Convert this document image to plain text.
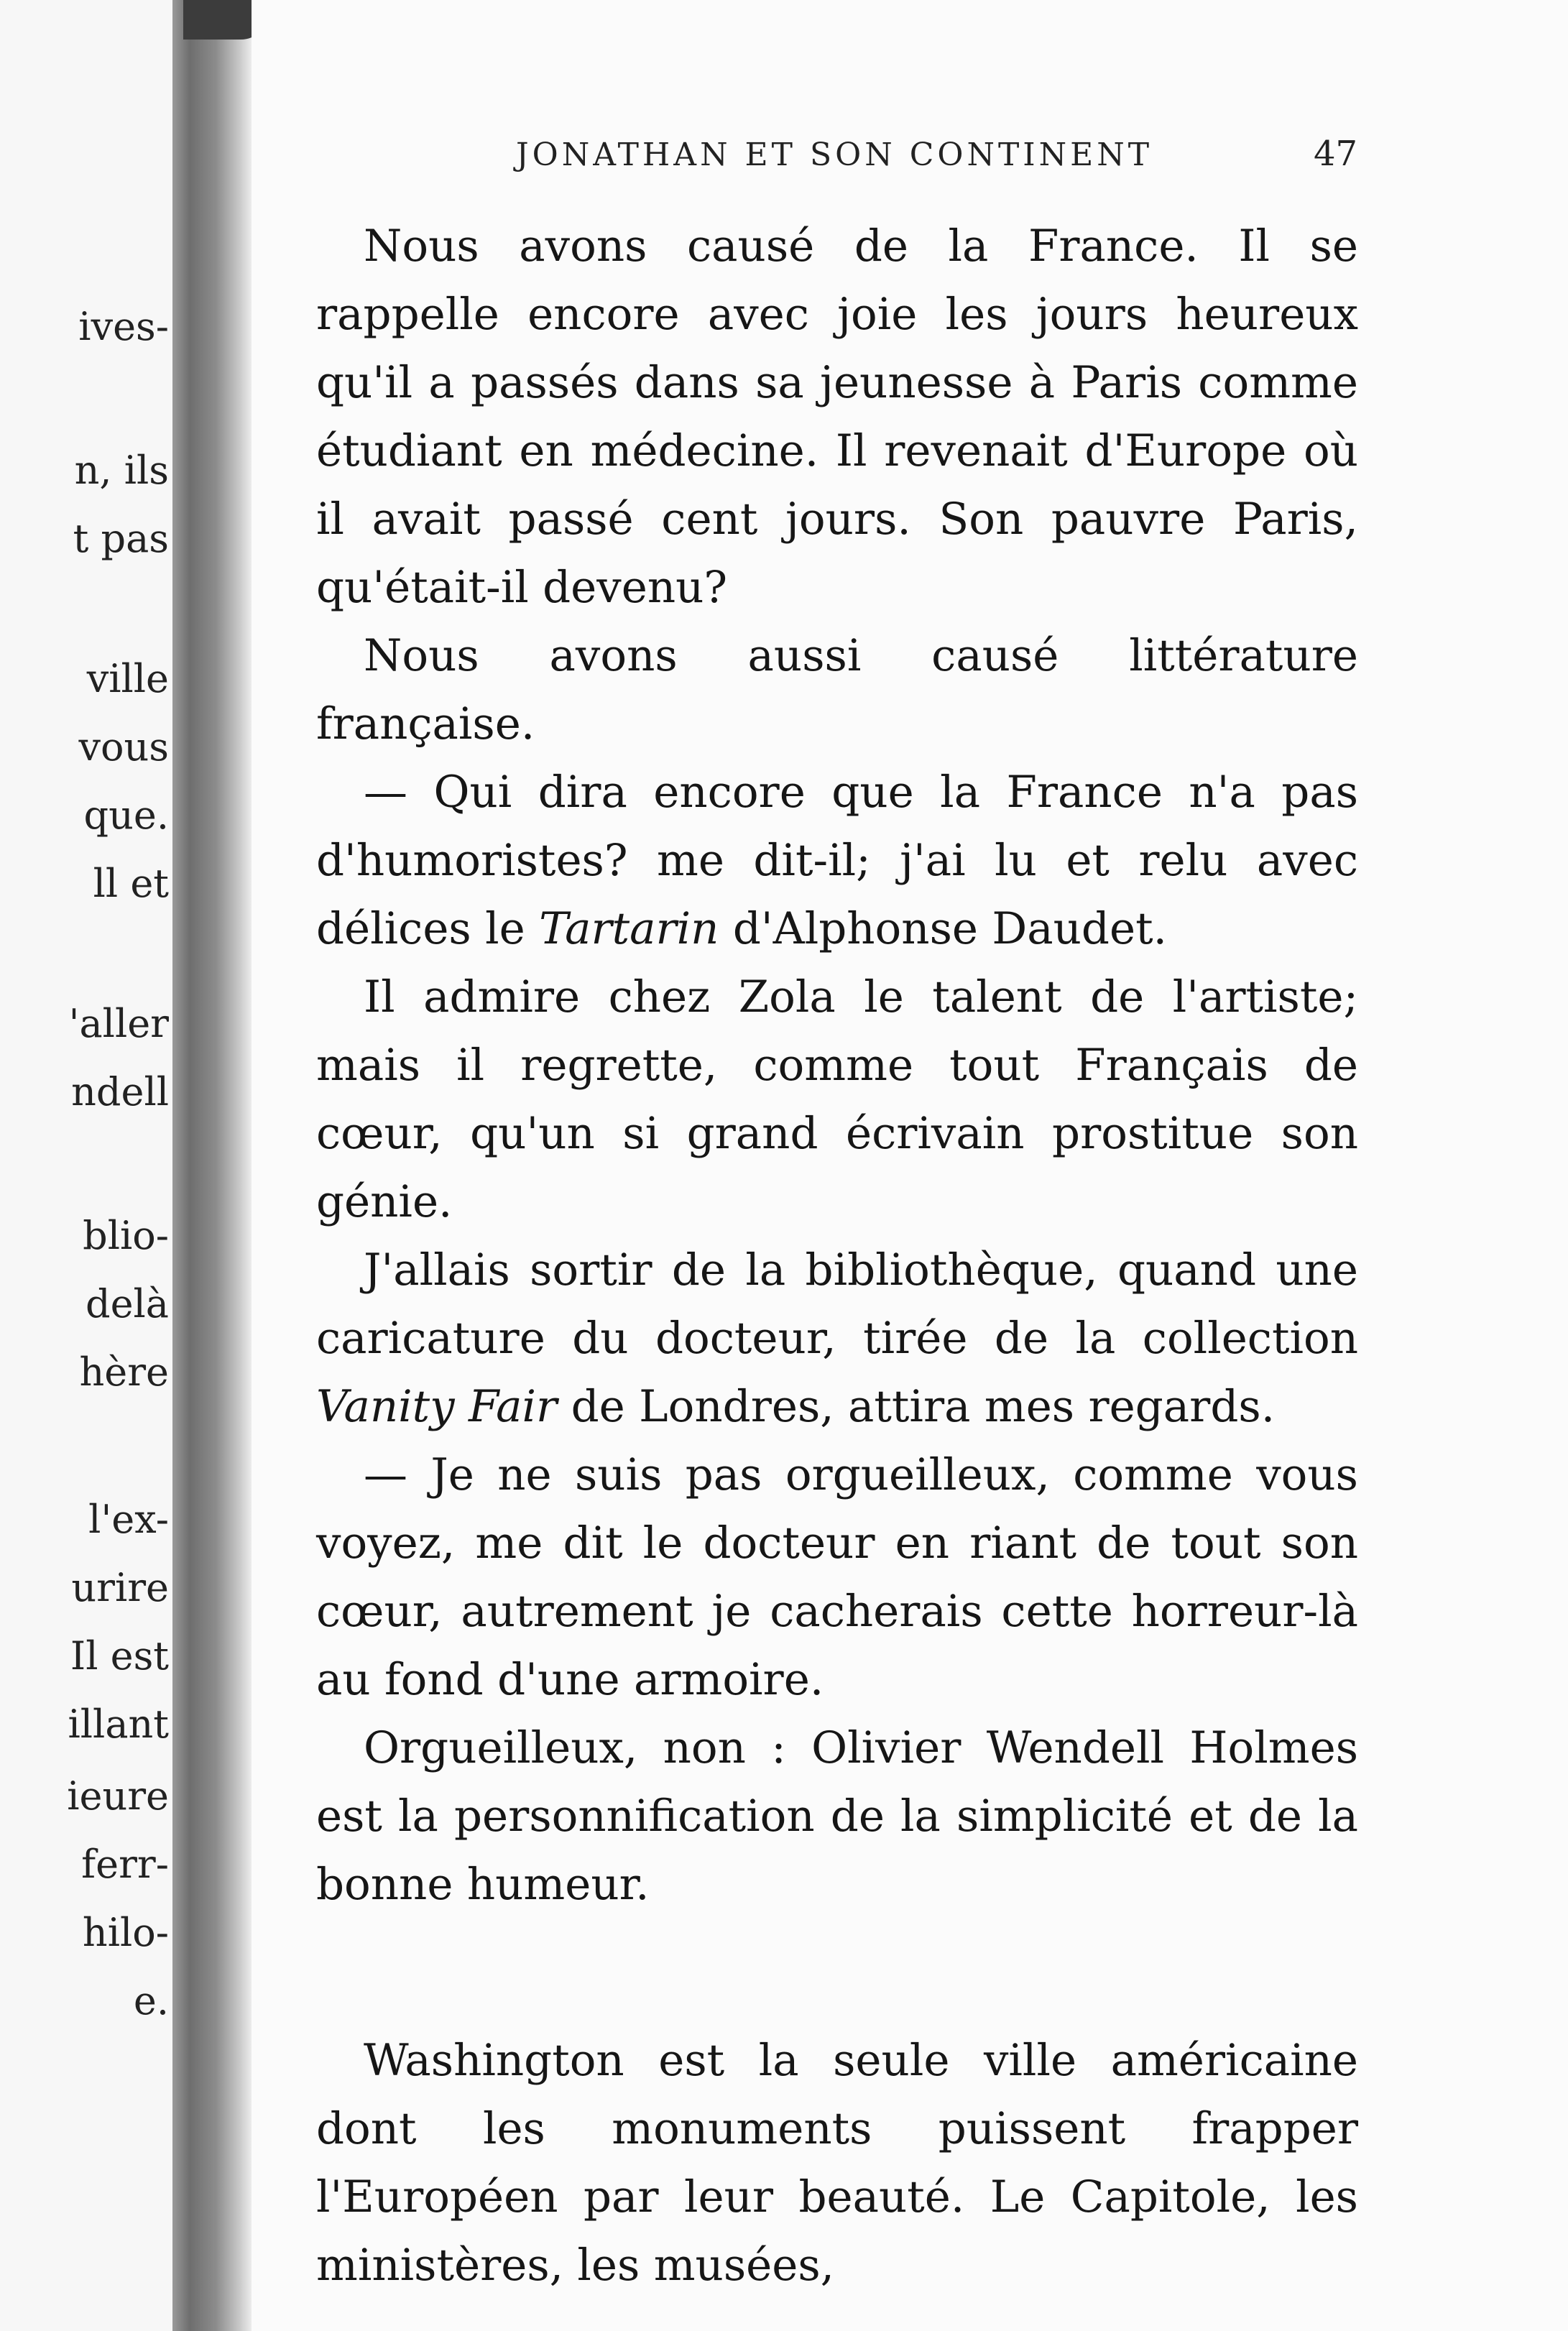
ives-
n, ils
t pas
ville
vous
que.
ll et
'aller
ndell
blio-
delà
hère
l'ex-
urire
Il est
illant
ieure
ferr-
hilo-
e.
JONATHAN ET SON CONTINENT	47

Nous avons causé de la France. Il se rappelle encore avec joie les jours heureux qu'il a passés dans sa jeunesse à Paris comme étudiant en médecine. Il revenait d'Europe où il avait passé cent jours. Son pauvre Paris, qu'était-il devenu?

Nous avons aussi causé littérature française.

— Qui dira encore que la France n'a pas d'humoristes? me dit-il; j'ai lu et relu avec délices le Tartarin d'Alphonse Daudet.

Il admire chez Zola le talent de l'artiste; mais il regrette, comme tout Français de cœur, qu'un si grand écrivain prostitue son génie.

J'allais sortir de la bibliothèque, quand une caricature du docteur, tirée de la collection Vanity Fair de Londres, attira mes regards.

— Je ne suis pas orgueilleux, comme vous voyez, me dit le docteur en riant de tout son cœur, autrement je cacherais cette horreur-là au fond d'une armoire.

Orgueilleux, non : Olivier Wendell Holmes est la personnification de la simplicité et de la bonne humeur.

Washington est la seule ville américaine dont les monuments puissent frapper l'Européen par leur beauté. Le Capitole, les ministères, les musées,
